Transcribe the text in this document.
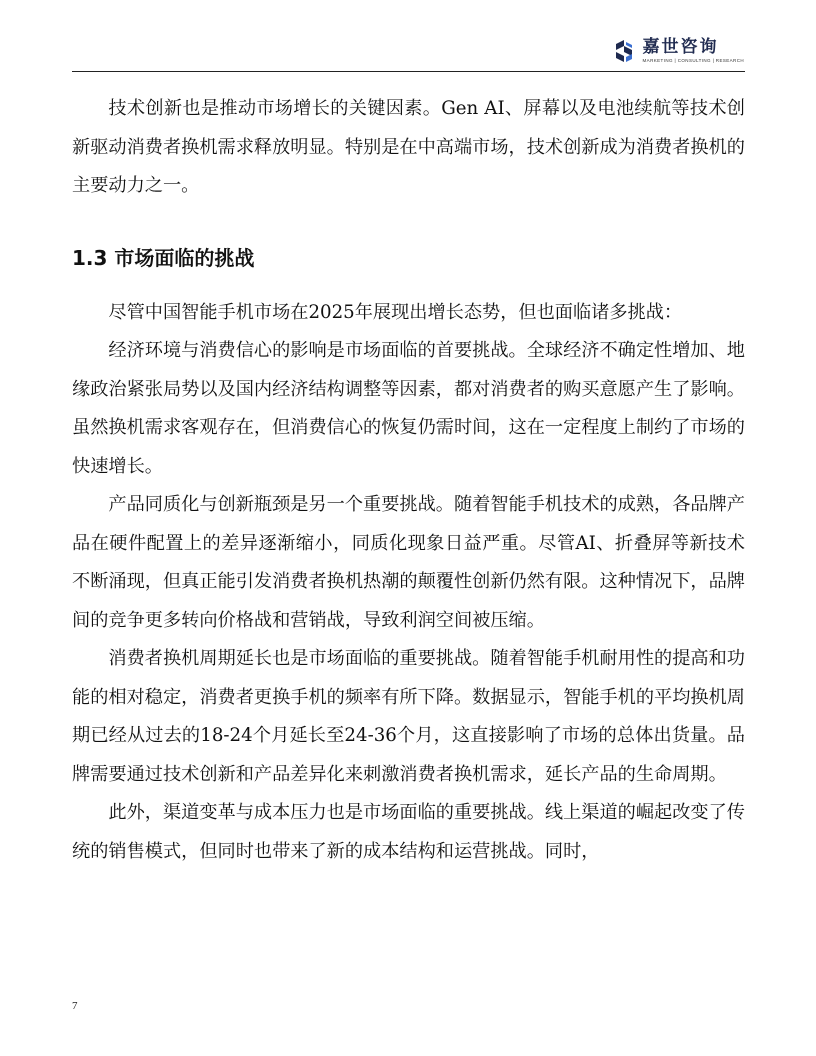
嘉世咨询
MARKETING | CONSULTING | RESEARCH

技术创新也是推动市场增长的关键因素。Gen AI、屏幕以及电池续航等技术创新驱动消费者换机需求释放明显。特别是在中高端市场，技术创新成为消费者换机的主要动力之一。

1.3 市场面临的挑战

尽管中国智能手机市场在2025年展现出增长态势，但也面临诸多挑战：

经济环境与消费信心的影响是市场面临的首要挑战。全球经济不确定性增加、地缘政治紧张局势以及国内经济结构调整等因素，都对消费者的购买意愿产生了影响。虽然换机需求客观存在，但消费信心的恢复仍需时间，这在一定程度上制约了市场的快速增长。

产品同质化与创新瓶颈是另一个重要挑战。随着智能手机技术的成熟，各品牌产品在硬件配置上的差异逐渐缩小，同质化现象日益严重。尽管AI、折叠屏等新技术不断涌现，但真正能引发消费者换机热潮的颠覆性创新仍然有限。这种情况下，品牌间的竞争更多转向价格战和营销战，导致利润空间被压缩。

消费者换机周期延长也是市场面临的重要挑战。随着智能手机耐用性的提高和功能的相对稳定，消费者更换手机的频率有所下降。数据显示，智能手机的平均换机周期已经从过去的18-24个月延长至24-36个月，这直接影响了市场的总体出货量。品牌需要通过技术创新和产品差异化来刺激消费者换机需求，延长产品的生命周期。

此外，渠道变革与成本压力也是市场面临的重要挑战。线上渠道的崛起改变了传统的销售模式，但同时也带来了新的成本结构和运营挑战。同时，

7
